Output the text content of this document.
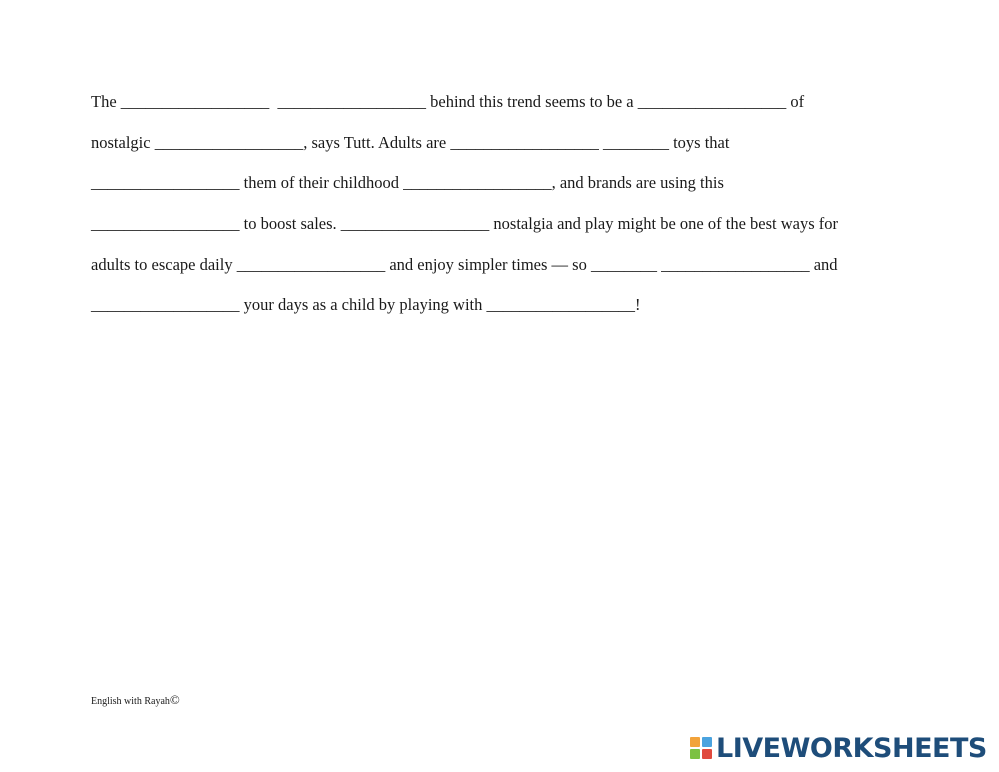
The __________________  __________________ behind this trend seems to be a __________________ of
nostalgic __________________, says Tutt. Adults are __________________ ________ toys that
__________________ them of their childhood __________________, and brands are using this
__________________ to boost sales. __________________ nostalgia and play might be one of the best ways for
adults to escape daily __________________ and enjoy simpler times — so ________ __________________ and
__________________ your days as a child by playing with __________________!
English with Rayah©
LIVEWORKSHEETS
